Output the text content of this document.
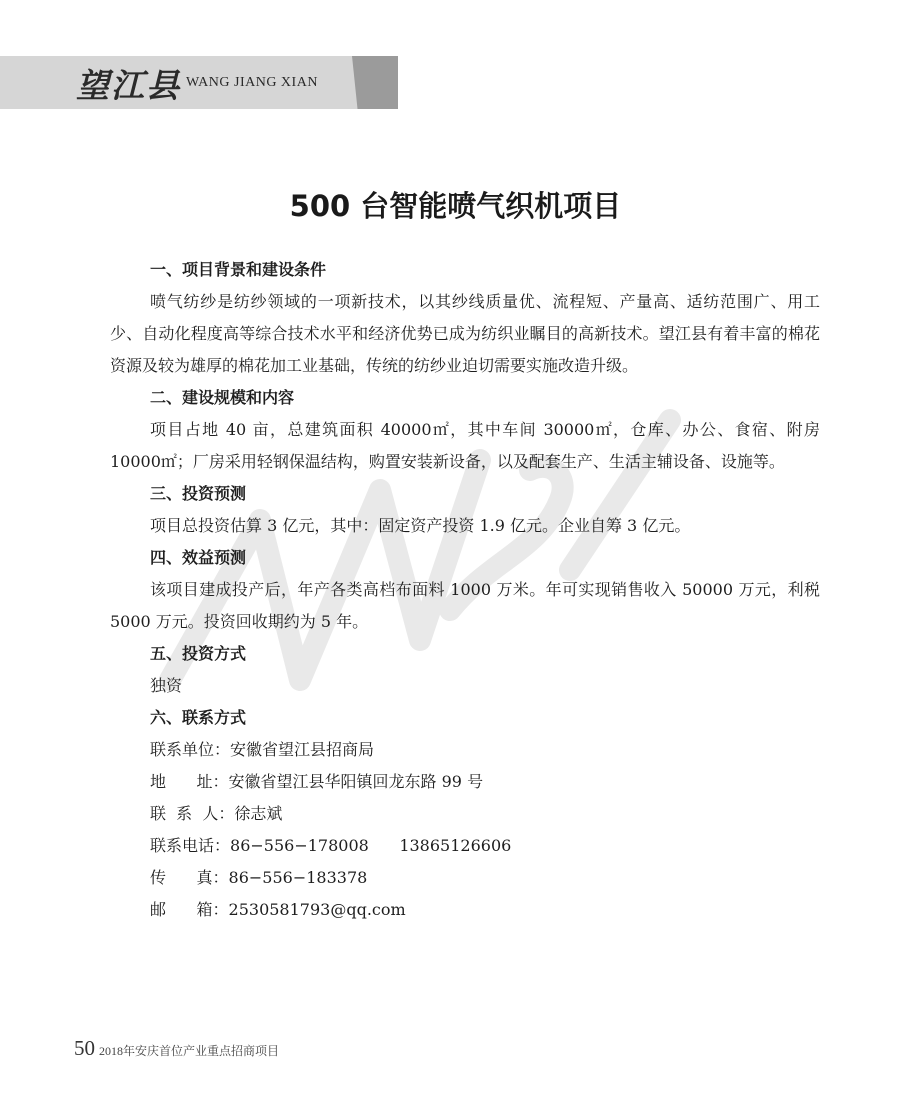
望江县 WANG JIANG XIAN
500 台智能喷气织机项目
一、项目背景和建设条件
喷气纺纱是纺纱领域的一项新技术，以其纱线质量优、流程短、产量高、适纺范围广、用工少、自动化程度高等综合技术水平和经济优势已成为纺织业瞩目的高新技术。望江县有着丰富的棉花资源及较为雄厚的棉花加工业基础，传统的纺纱业迫切需要实施改造升级。
二、建设规模和内容
项目占地 40 亩，总建筑面积 40000㎡，其中车间 30000㎡，仓库、办公、食宿、附房 10000㎡；厂房采用轻钢保温结构，购置安装新设备，以及配套生产、生活主辅设备、设施等。
三、投资预测
项目总投资估算 3 亿元，其中：固定资产投资 1.9 亿元。企业自筹 3 亿元。
四、效益预测
该项目建成投产后，年产各类高档布面料 1000 万米。年可实现销售收入 50000 万元，利税 5000 万元。投资回收期约为 5 年。
五、投资方式
独资
六、联系方式
联系单位：安徽省望江县招商局
地      址：安徽省望江县华阳镇回龙东路 99 号
联  系  人：徐志斌
联系电话：86−556−178008      13865126606
传      真：86−556−183378
邮      箱：2530581793@qq.com
50 2018年安庆首位产业重点招商项目
